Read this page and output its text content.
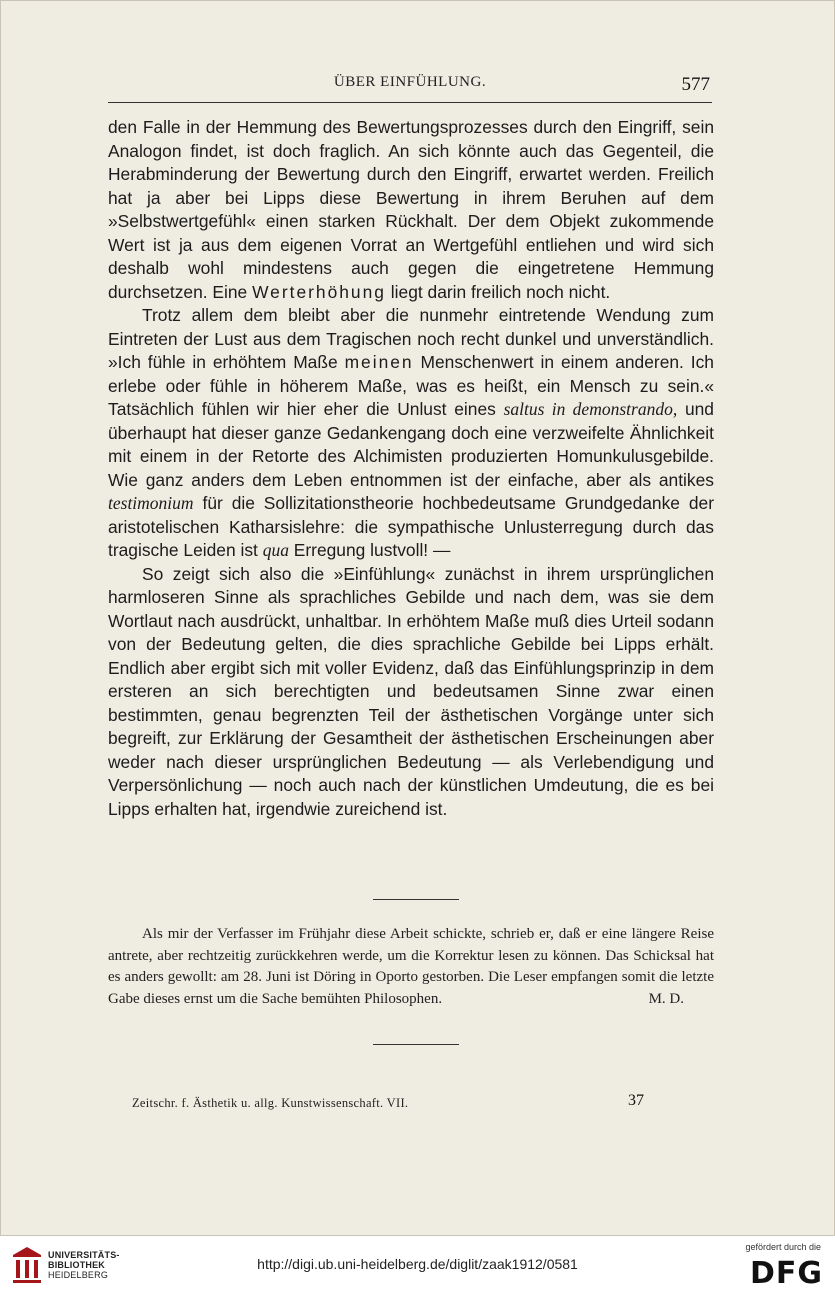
ÜBER EINFÜHLUNG.	577

den Falle in der Hemmung des Bewertungsprozesses durch den Eingriff, sein Analogon findet, ist doch fraglich. An sich könnte auch das Gegenteil, die Herabminderung der Bewertung durch den Eingriff, erwartet werden. Freilich hat ja aber bei Lipps diese Bewertung in ihrem Beruhen auf dem »Selbstwertgefühl« einen starken Rückhalt. Der dem Objekt zukommende Wert ist ja aus dem eigenen Vorrat an Wertgefühl entliehen und wird sich deshalb wohl mindestens auch gegen die eingetretene Hemmung durchsetzen. Eine Werterhöhung liegt darin freilich noch nicht.

Trotz allem dem bleibt aber die nunmehr eintretende Wendung zum Eintreten der Lust aus dem Tragischen noch recht dunkel und unverständlich. »Ich fühle in erhöhtem Maße meinen Menschenwert in einem anderen. Ich erlebe oder fühle in höherem Maße, was es heißt, ein Mensch zu sein.« Tatsächlich fühlen wir hier eher die Unlust eines saltus in demonstrando, und überhaupt hat dieser ganze Gedankengang doch eine verzweifelte Ähnlichkeit mit einem in der Retorte des Alchimisten produzierten Homunkulusgebilde. Wie ganz anders dem Leben entnommen ist der einfache, aber als antikes testimonium für die Sollizitationstheorie hochbedeutsame Grundgedanke der aristotelischen Katharsislehre: die sympathische Unlusterregung durch das tragische Leiden ist qua Erregung lustvoll! —

So zeigt sich also die »Einfühlung« zunächst in ihrem ursprünglichen harmloseren Sinne als sprachliches Gebilde und nach dem, was sie dem Wortlaut nach ausdrückt, unhaltbar. In erhöhtem Maße muß dies Urteil sodann von der Bedeutung gelten, die dies sprachliche Gebilde bei Lipps erhält. Endlich aber ergibt sich mit voller Evidenz, daß das Einfühlungsprinzip in dem ersteren an sich berechtigten und bedeutsamen Sinne zwar einen bestimmten, genau begrenzten Teil der ästhetischen Vorgänge unter sich begreift, zur Erklärung der Gesamtheit der ästhetischen Erscheinungen aber weder nach dieser ursprünglichen Bedeutung — als Verlebendigung und Verpersönlichung — noch auch nach der künstlichen Umdeutung, die es bei Lipps erhalten hat, irgendwie zureichend ist.

Als mir der Verfasser im Frühjahr diese Arbeit schickte, schrieb er, daß er eine längere Reise antrete, aber rechtzeitig zurückkehren werde, um die Korrektur lesen zu können. Das Schicksal hat es anders gewollt: am 28. Juni ist Döring in Oporto gestorben. Die Leser empfangen somit die letzte Gabe dieses ernst um die Sache bemühten Philosophen.	M. D.

Zeitschr. f. Ästhetik u. allg. Kunstwissenschaft. VII.	37
UNIVERSITÄTS-
BIBLIOTHEK
HEIDELBERG
http://digi.ub.uni-heidelberg.de/diglit/zaak1912/0581
gefördert durch die
DFG
